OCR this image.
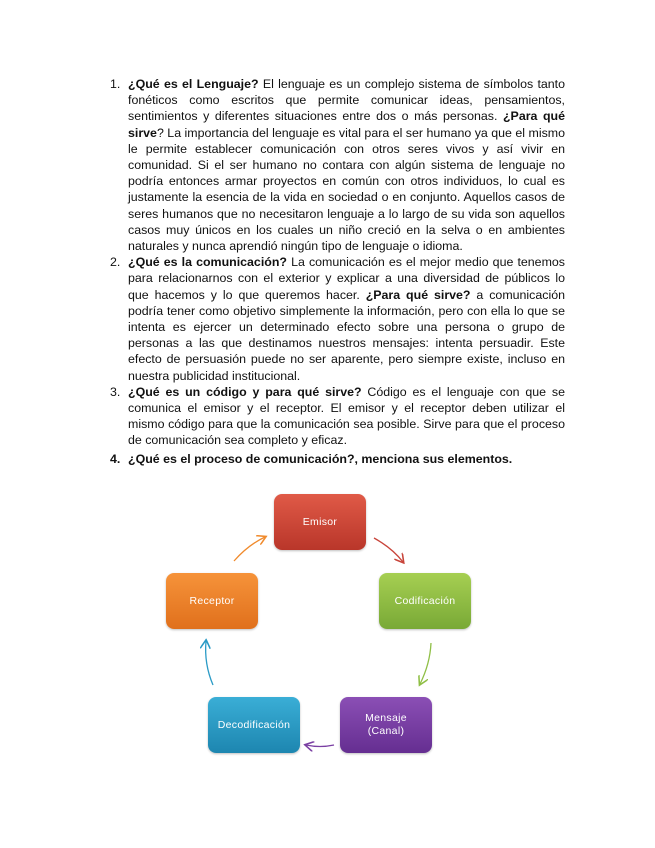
1. ¿Qué es el Lenguaje? El lenguaje es un complejo sistema de símbolos tanto fonéticos como escritos que permite comunicar ideas, pensamientos, sentimientos y diferentes situaciones entre dos o más personas. ¿Para qué sirve? La importancia del lenguaje es vital para el ser humano ya que el mismo le permite establecer comunicación con otros seres vivos y así vivir en comunidad. Si el ser humano no contara con algún sistema de lenguaje no podría entonces armar proyectos en común con otros individuos, lo cual es justamente la esencia de la vida en sociedad o en conjunto. Aquellos casos de seres humanos que no necesitaron lenguaje a lo largo de su vida son aquellos casos muy únicos en los cuales un niño creció en la selva o en ambientes naturales y nunca aprendió ningún tipo de lenguaje o idioma.

2. ¿Qué es la comunicación? La comunicación es el mejor medio que tenemos para relacionarnos con el exterior y explicar a una diversidad de públicos lo que hacemos y lo que queremos hacer. ¿Para qué sirve? a comunicación podría tener como objetivo simplemente la información, pero con ella lo que se intenta es ejercer un determinado efecto sobre una persona o grupo de personas a las que destinamos nuestros mensajes: intenta persuadir. Este efecto de persuasión puede no ser aparente, pero siempre existe, incluso en nuestra publicidad institucional.

3. ¿Qué es un código y para qué sirve? Código es el lenguaje con que se comunica el emisor y el receptor. El emisor y el receptor deben utilizar el mismo código para que la comunicación sea posible. Sirve para que el proceso de comunicación sea completo y eficaz.

4. ¿Qué es el proceso de comunicación?, menciona sus elementos.

Emisor
Codificación
Mensaje
(Canal)
Decodificación
Receptor
